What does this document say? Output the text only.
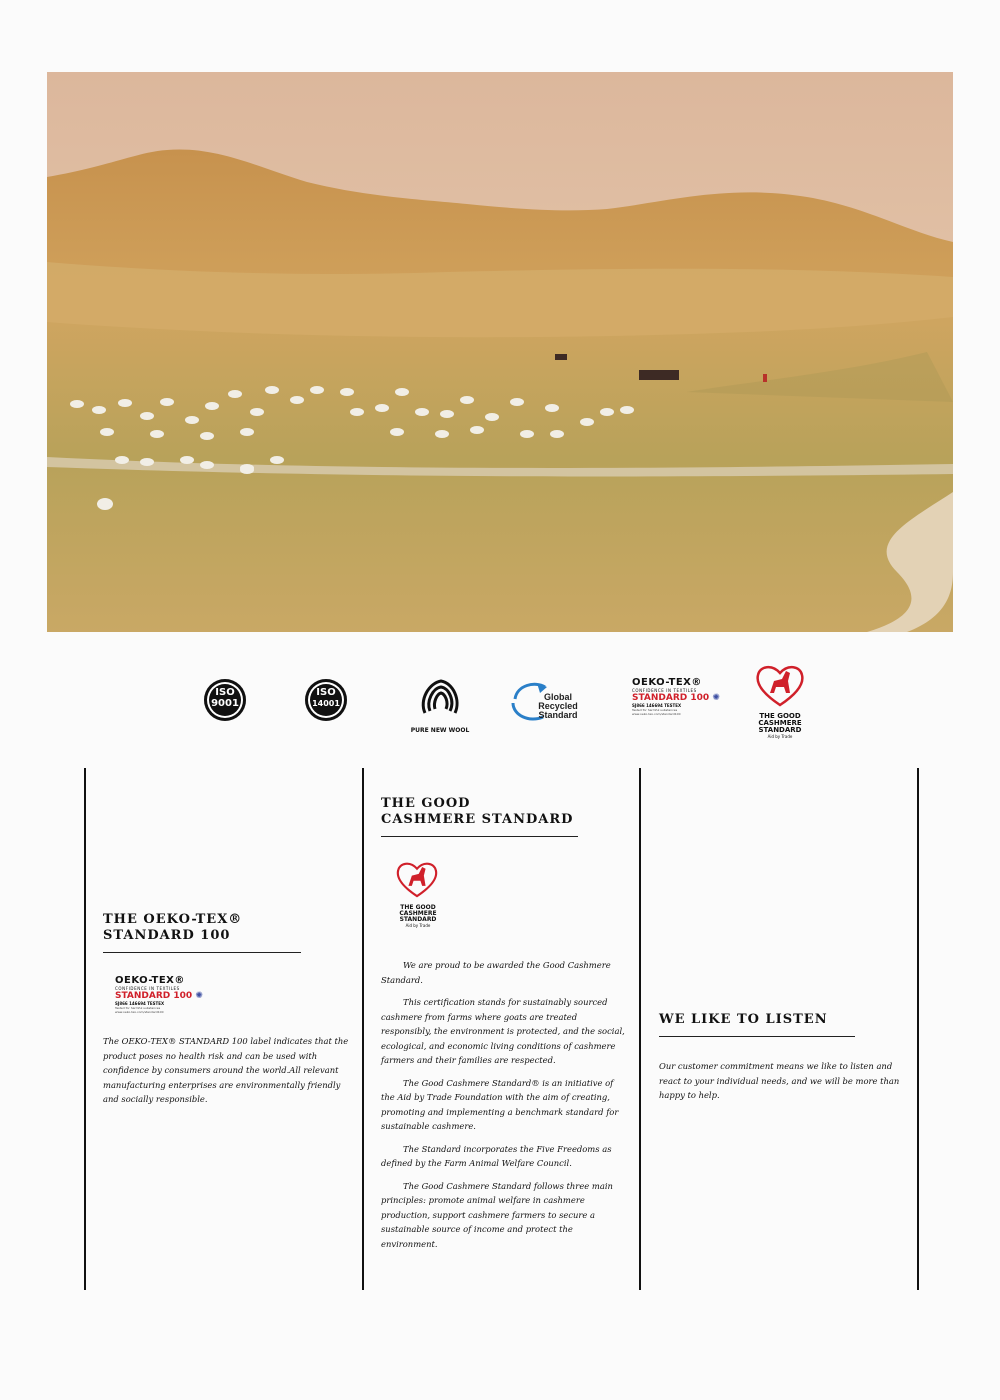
ISO
9001
ISO
14001
PURE NEW WOOL
Global Recycled
Standard
OEKO-TEX®
CONFIDENCE IN TEXTILES
STANDARD 100 ✺
SJ866 146694 TESTEX
Tested for harmful substances
www.oeko-tex.com/standard100	THE GOOD
CASHMERE
STANDARD
Aid by Trade
THE OEKO-TEX®
STANDARD 100
OEKO-TEX®
CONFIDENCE IN TEXTILES
STANDARD 100 ✺
SJ866 146694 TESTEX
Tested for harmful substances
www.oeko-tex.com/standard100

The OEKO-TEX® STANDARD 100 label indicates that the product poses no health risk and can be used with confidence by consumers around the world.All relevant manufacturing enterprises are environmentally friendly and socially responsible.

THE GOOD
CASHMERE STANDARD
THE GOOD
CASHMERE
STANDARD
Aid by Trade

We are proud to be awarded the Good Cashmere Standard.

This certification stands for sustainably sourced cashmere from farms where goats are treated responsibly, the environment is protected, and the social, ecological, and economic living conditions of cashmere farmers and their families are respected.

The Good Cashmere Standard® is an initiative of the Aid by Trade Foundation with the aim of creating, promoting and implementing a benchmark standard for sustainable cashmere.

The Standard incorporates the Five Freedoms as defined by the Farm Animal Welfare Council.

The Good Cashmere Standard follows three main principles: promote animal welfare in cashmere production, support cashmere farmers to secure a sustainable source of income and protect the environment.

WE LIKE TO LISTEN

Our customer commitment means we like to listen and react to your individual needs, and we will be more than happy to help.
